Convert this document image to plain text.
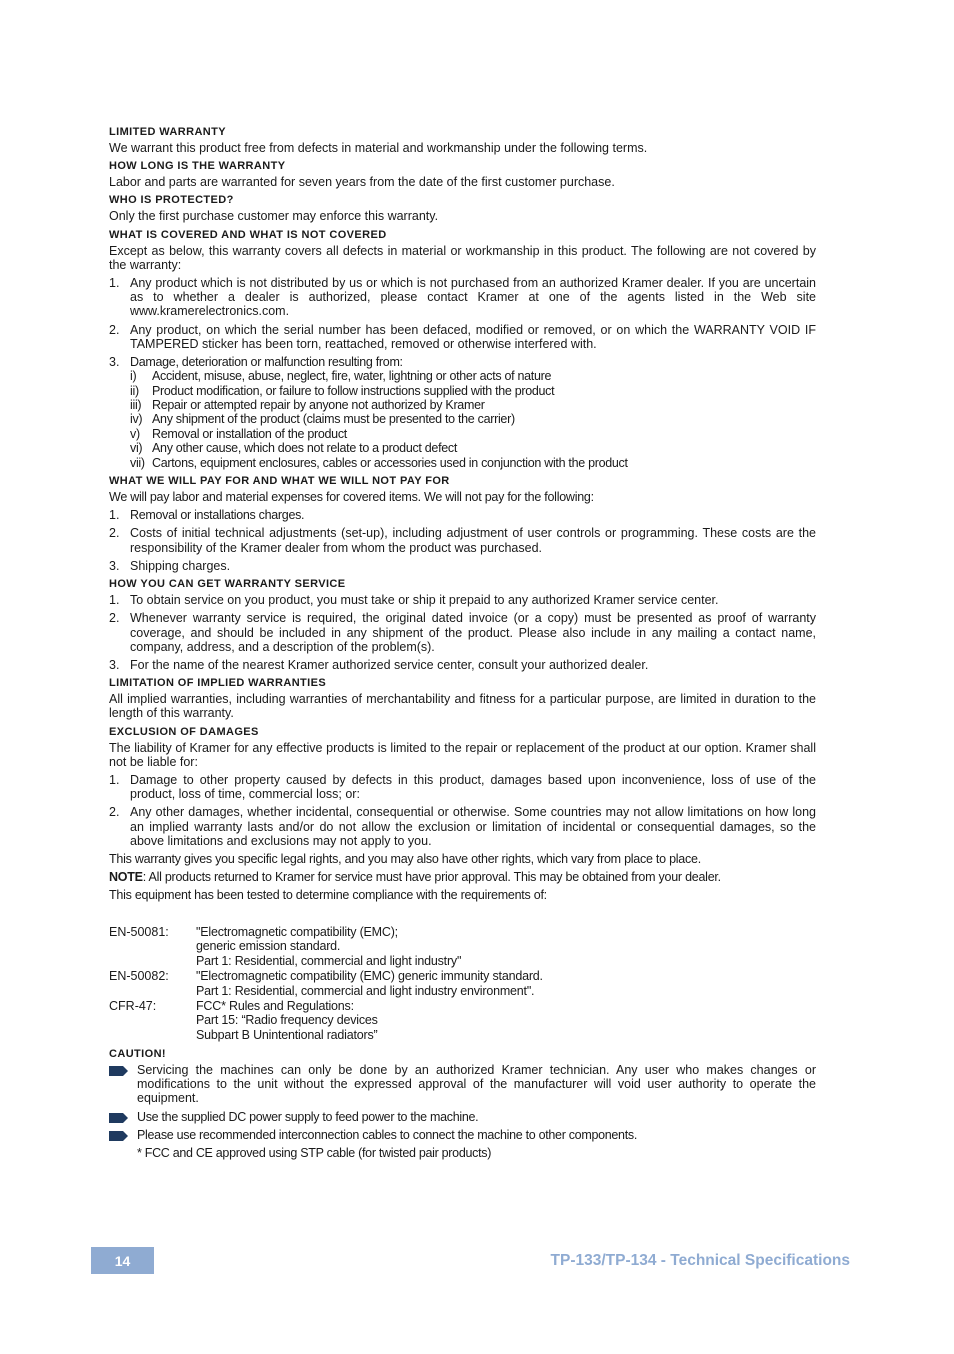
LIMITED WARRANTY
We warrant this product free from defects in material and workmanship under the following terms.
HOW LONG IS THE WARRANTY
Labor and parts are warranted for seven years from the date of the first customer purchase.
WHO IS PROTECTED?
Only the first purchase customer may enforce this warranty.
WHAT IS COVERED AND WHAT IS NOT COVERED
Except as below, this warranty covers all defects in material or workmanship in this product. The following are not covered by the warranty:
1. Any product which is not distributed by us or which is not purchased from an authorized Kramer dealer. If you are uncertain as to whether a dealer is authorized, please contact Kramer at one of the agents listed in the Web site www.kramerelectronics.com.
2. Any product, on which the serial number has been defaced, modified or removed, or on which the WARRANTY VOID IF TAMPERED sticker has been torn, reattached, removed or otherwise interfered with.
3. Damage, deterioration or malfunction resulting from:
i)	Accident, misuse, abuse, neglect, fire, water, lightning or other acts of nature
ii)	Product modification, or failure to follow instructions supplied with the product
iii) Repair or attempted repair by anyone not authorized by Kramer
iv) Any shipment of the product (claims must be presented to the carrier)
v) Removal or installation of the product
vi) Any other cause, which does not relate to a product defect
vii) Cartons, equipment enclosures, cables or accessories used in conjunction with the product
WHAT WE WILL PAY FOR AND WHAT WE WILL NOT PAY FOR
We will pay labor and material expenses for covered items. We will not pay for the following:
1. Removal or installations charges.
2. Costs of initial technical adjustments (set-up), including adjustment of user controls or programming. These costs are the responsibility of the Kramer dealer from whom the product was purchased.
3. Shipping charges.
HOW YOU CAN GET WARRANTY SERVICE
1. To obtain service on you product, you must take or ship it prepaid to any authorized Kramer service center.
2. Whenever warranty service is required, the original dated invoice (or a copy) must be presented as proof of warranty coverage, and should be included in any shipment of the product. Please also include in any mailing a contact name, company, address, and a description of the problem(s).
3. For the name of the nearest Kramer authorized service center, consult your authorized dealer.
LIMITATION OF IMPLIED WARRANTIES
All implied warranties, including warranties of merchantability and fitness for a particular purpose, are limited in duration to the length of this warranty.
EXCLUSION OF DAMAGES
The liability of Kramer for any effective products is limited to the repair or replacement of the product at our option. Kramer shall not be liable for:
1. Damage to other property caused by defects in this product, damages based upon inconvenience, loss of use of the product, loss of time, commercial loss; or:
2. Any other damages, whether incidental, consequential or otherwise. Some countries may not allow limitations on how long an implied warranty lasts and/or do not allow the exclusion or limitation of incidental or consequential damages, so the above limitations and exclusions may not apply to you.
This warranty gives you specific legal rights, and you may also have other rights, which vary from place to place.
NOTE: All products returned to Kramer for service must have prior approval. This may be obtained from your dealer.
This equipment has been tested to determine compliance with the requirements of:
EN-50081:	"Electromagnetic compatibility (EMC);
generic emission standard.
Part 1: Residential, commercial and light industry"
EN-50082:	"Electromagnetic compatibility (EMC) generic immunity standard.
Part 1: Residential, commercial and light industry environment".
CFR-47:	FCC* Rules and Regulations:
Part 15: “Radio frequency devices
Subpart B Unintentional radiators”
CAUTION!
Servicing the machines can only be done by an authorized Kramer technician. Any user who makes changes or modifications to the unit without the expressed approval of the manufacturer will void user authority to operate the equipment.
Use the supplied DC power supply to feed power to the machine.
Please use recommended interconnection cables to connect the machine to other components.
* FCC and CE approved using STP cable (for twisted pair products)
14	TP-133/TP-134 - Technical Specifications
